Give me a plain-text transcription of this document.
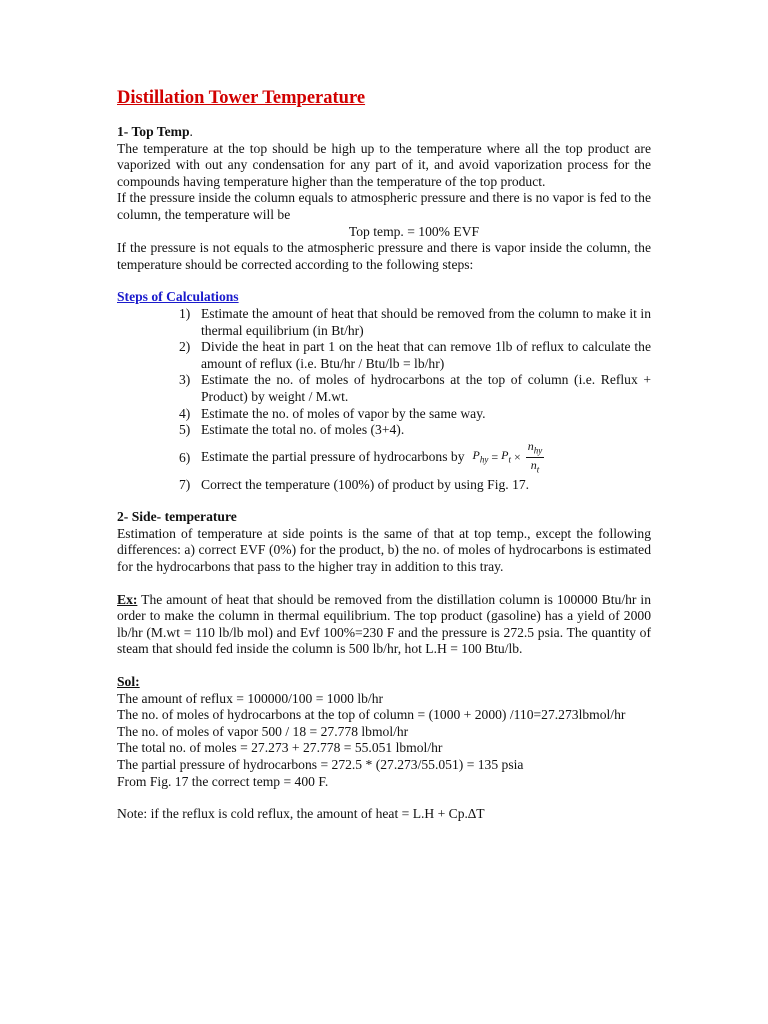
Distillation Tower Temperature

1- Top Temp.

The temperature at the top should be high up to the temperature where all the top product are vaporized with out any condensation for any part of it, and avoid vaporization process for the compounds having temperature higher than the temperature of the top product.

If the pressure inside the column equals to atmospheric pressure and there is no vapor is fed to the column, the temperature will be

Top temp. = 100% EVF

If the pressure is not equals to the atmospheric pressure and there is vapor inside the column, the temperature should be corrected according to the following steps:

Steps of Calculations

1) Estimate the amount of heat that should be removed from the column to make it in thermal equilibrium (in Bt/hr)
2) Divide the heat in part 1 on the heat that can remove 1lb of reflux to calculate the amount of reflux (i.e. Btu/hr / Btu/lb = lb/hr)
3) Estimate the no. of moles of hydrocarbons at the top of column (i.e. Reflux + Product) by weight / M.wt.
4) Estimate the no. of moles of vapor by the same way.
5) Estimate the total no. of moles (3+4).
6) Estimate the partial pressure of hydrocarbons by $P_{hy} = P_t \times \frac{n_{hy}}{n_t}$
7) Correct the temperature (100%) of product by using Fig. 17.

2- Side- temperature

Estimation of temperature at side points is the same of that at top temp., except the following differences: a) correct EVF (0%) for the product, b) the no. of moles of hydrocarbons is estimated for the hydrocarbons that pass to the higher tray in addition to this tray.

Ex: The amount of heat that should be removed from the distillation column is 100000 Btu/hr in order to make the column in thermal equilibrium. The top product (gasoline) has a yield of 2000 lb/hr (M.wt = 110 lb/lb mol) and Evf 100%=230 F and the pressure is 272.5 psia. The quantity of steam that should fed inside the column is 500 lb/hr, hot L.H = 100 Btu/lb.

Sol:

The amount of reflux = 100000/100 = 1000 lb/hr

The no. of moles of hydrocarbons at the top of column = (1000 + 2000) /110=27.273lbmol/hr

The no. of moles of vapor 500 / 18 = 27.778 lbmol/hr

The total no. of moles = 27.273 + 27.778 = 55.051 lbmol/hr

The partial pressure of hydrocarbons = 272.5 * (27.273/55.051) = 135 psia

From Fig. 17 the correct temp = 400 F.

Note: if the reflux is cold reflux, the amount of heat = L.H + Cp.∆T
